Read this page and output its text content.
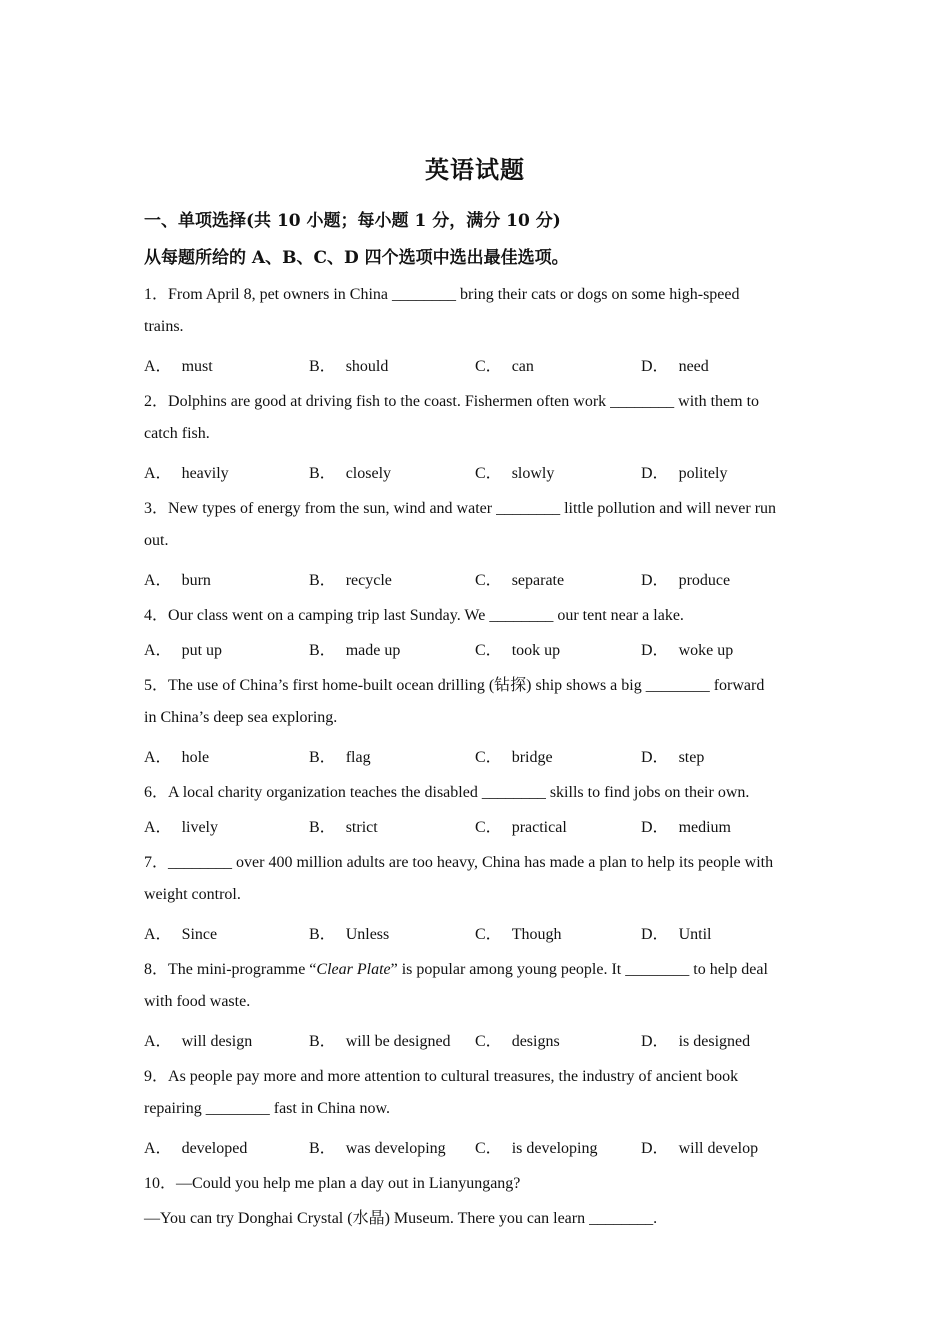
英语试题
一、单项选择(共 10 小题；每小题 1 分，满分 10 分)
从每题所给的 A、B、C、D 四个选项中选出最佳选项。
1．From April 8, pet owners in China ________ bring their cats or dogs on some high-speed
trains.
A． must	B． should	C． can	D． need
2．Dolphins are good at driving fish to the coast. Fishermen often work ________ with them to
catch fish.
A． heavily	B． closely	C． slowly	D． politely
3．New types of energy from the sun, wind and water ________ little pollution and will never run
out.
A． burn	B． recycle	C． separate	D． produce
4．Our class went on a camping trip last Sunday. We ________ our tent near a lake.
A． put up	B． made up	C． took up	D． woke up
5．The use of China’s first home-built ocean drilling (钻探) ship shows a big ________ forward
in China’s deep sea exploring.
A． hole	B． flag	C． bridge	D． step
6．A local charity organization teaches the disabled ________ skills to find jobs on their own.
A． lively	B． strict	C． practical	D． medium
7．________ over 400 million adults are too heavy, China has made a plan to help its people with
weight control.
A． Since	B． Unless	C． Though	D． Until
8．The mini-programme “Clear Plate” is popular among young people. It ________ to help deal
with food waste.
A． will design	B． will be designed C． designs	D． is designed
9．As people pay more and more attention to cultural treasures, the industry of ancient book
repairing ________ fast in China now.
A． developed	B． was developing C． is developing	D． will develop
10．—Could you help me plan a day out in Lianyungang?
—You can try Donghai Crystal (水晶) Museum. There you can learn ________.
